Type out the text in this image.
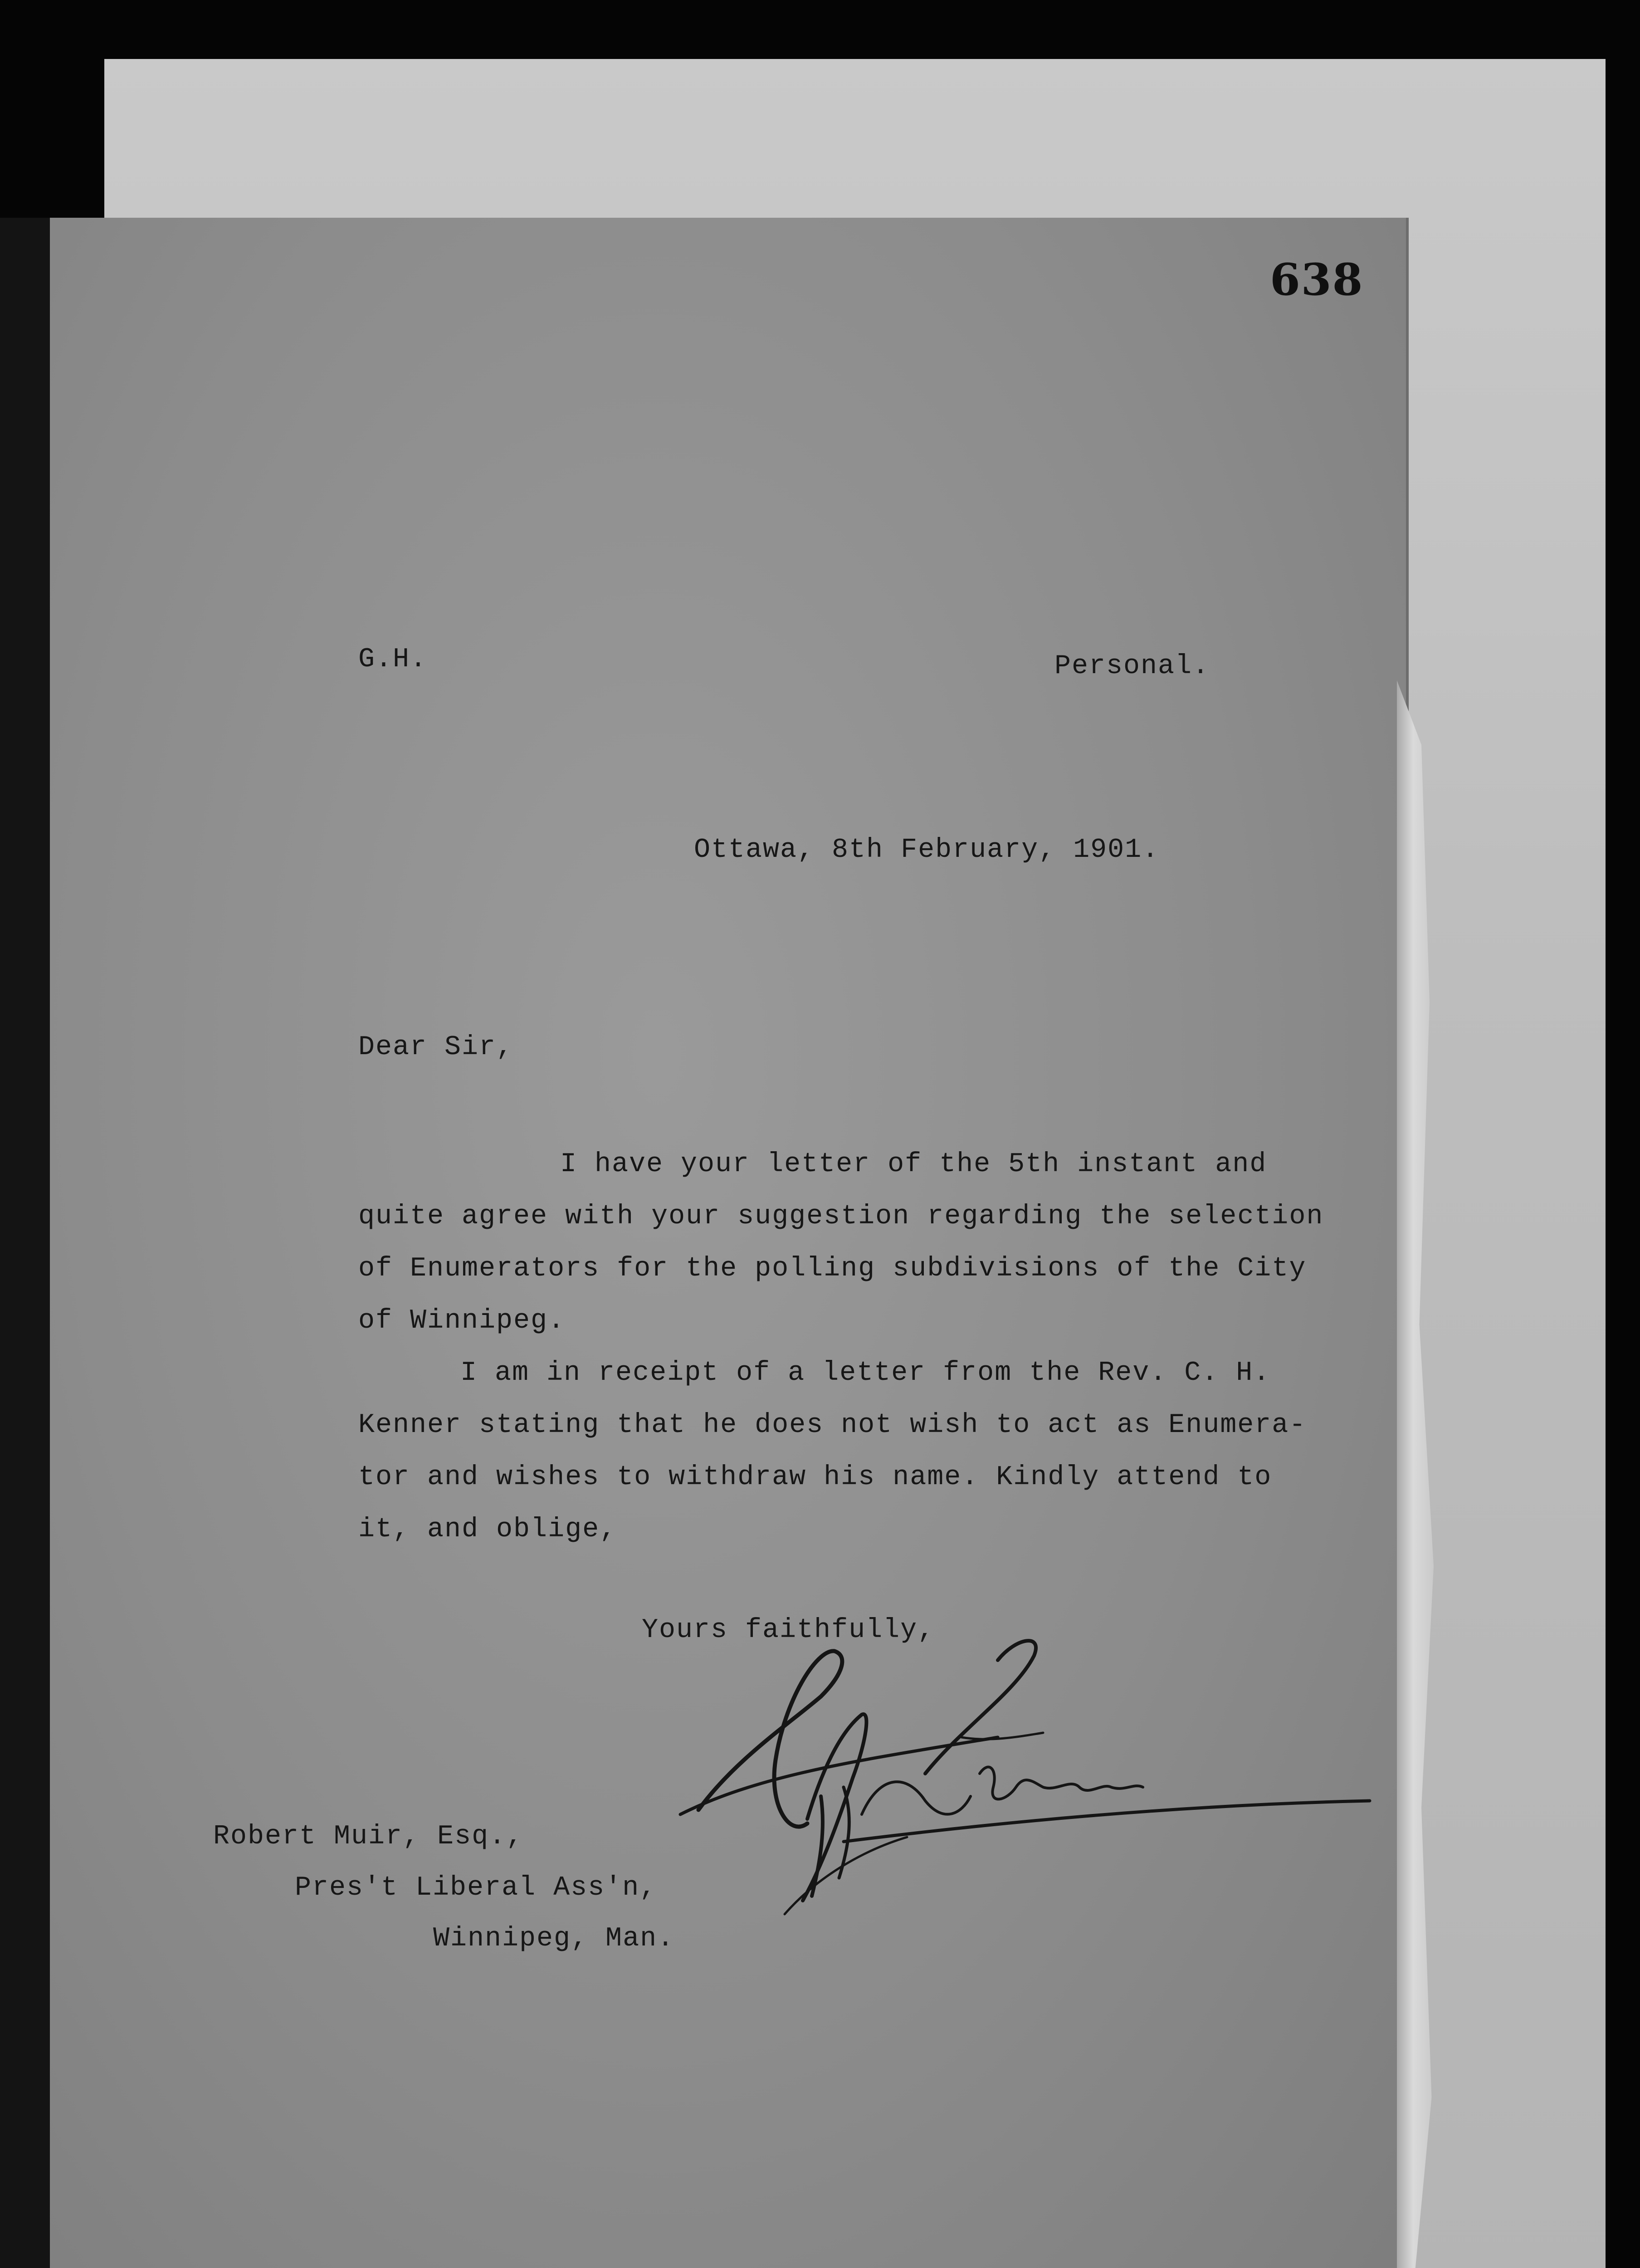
638
G.H.	Personal.
Ottawa, 8th February, 1901.
Dear Sir,
I have your letter of the 5th instant and
quite agree with your suggestion regarding the selection
of Enumerators for the polling subdivisions of the City
of Winnipeg.
I am in receipt of a letter from the Rev. C. H.
Kenner stating that he does not wish to act as Enumera-
tor and wishes to withdraw his name. Kindly attend to
it, and oblige,
Yours faithfully,
Robert Muir, Esq.,
Pres't Liberal Ass'n,
Winnipeg, Man.
